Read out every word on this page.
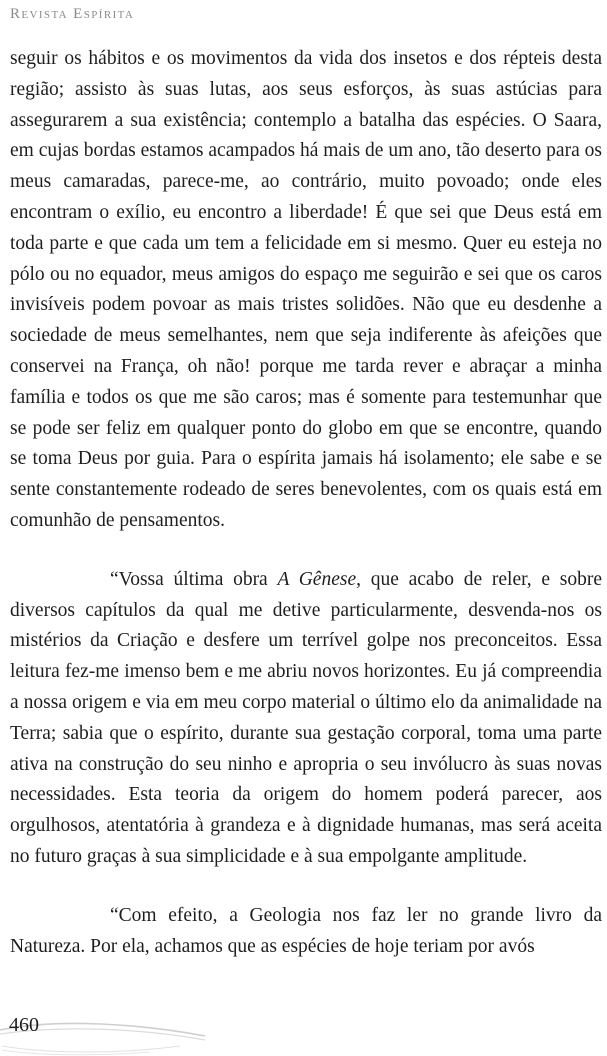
Revista Espírita

seguir os hábitos e os movimentos da vida dos insetos e dos répteis desta região; assisto às suas lutas, aos seus esforços, às suas astúcias para assegurarem a sua existência; contemplo a batalha das espécies. O Saara, em cujas bordas estamos acampados há mais de um ano, tão deserto para os meus camaradas, parece-me, ao contrário, muito povoado; onde eles encontram o exílio, eu encontro a liberdade! É que sei que Deus está em toda parte e que cada um tem a felicidade em si mesmo. Quer eu esteja no pólo ou no equador, meus amigos do espaço me seguirão e sei que os caros invisíveis podem povoar as mais tristes solidões. Não que eu desdenhe a sociedade de meus semelhantes, nem que seja indiferente às afeições que conservei na França, oh não! porque me tarda rever e abraçar a minha família e todos os que me são caros; mas é somente para testemunhar que se pode ser feliz em qualquer ponto do globo em que se encontre, quando se toma Deus por guia. Para o espírita jamais há isolamento; ele sabe e se sente constantemente rodeado de seres benevolentes, com os quais está em comunhão de pensamentos.

“Vossa última obra A Gênese, que acabo de reler, e sobre diversos capítulos da qual me detive particularmente, desvenda-nos os mistérios da Criação e desfere um terrível golpe nos preconceitos. Essa leitura fez-me imenso bem e me abriu novos horizontes. Eu já compreendia a nossa origem e via em meu corpo material o último elo da animalidade na Terra; sabia que o espírito, durante sua gestação corporal, toma uma parte ativa na construção do seu ninho e apropria o seu invólucro às suas novas necessidades. Esta teoria da origem do homem poderá parecer, aos orgulhosos, atentatória à grandeza e à dignidade humanas, mas será aceita no futuro graças à sua simplicidade e à sua empolgante amplitude.

“Com efeito, a Geologia nos faz ler no grande livro da Natureza. Por ela, achamos que as espécies de hoje teriam por avós

460
